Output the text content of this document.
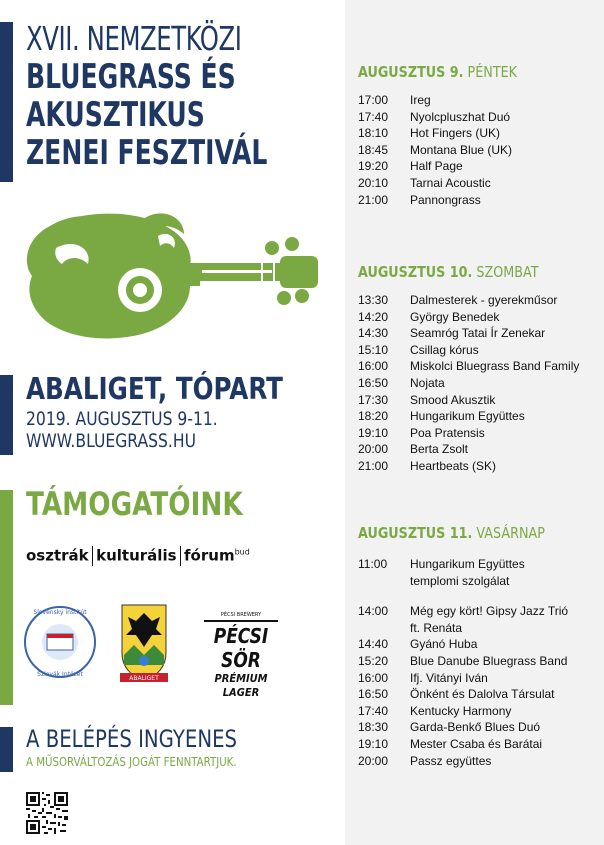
XVII. NEMZETKÖZI
BLUEGRASS ÉS
AKUSZTIKUS
ZENEI FESZTIVÁL
ABALIGET, TÓPART
2019. AUGUSZTUS 9-11.
WWW.BLUEGRASS.HU
TÁMOGATÓINK
osztrák kulturális fórum$^{bud}$
Slovenský inštitút
Szlovák Intézet
ABALIGET
PÉCSI BREWERY
PÉCSI SÖR
PRÉMIUM LAGER
A BELÉPÉS INGYENES
A MŰSORVÁLTOZÁS JOGÁT FENNTARTJUK.
AUGUSZTUS 9. PÉNTEK
17:00	Ireg
17:40	Nyolcpluszhat Duó
18:10	Hot Fingers (UK)
18:45	Montana Blue (UK)
19:20	Half Page
20:10	Tarnai Acoustic
21:00	Pannongrass
AUGUSZTUS 10. SZOMBAT
13:30	Dalmesterek - gyerekműsor
14:20	György Benedek
14:30	Seamróg Tatai Ír Zenekar
15:10	Csillag kórus
16:00	Miskolci Bluegrass Band Family
16:50	Nojata
17:30	Smood Akusztik
18:20	Hungarikum Együttes
19:10	Poa Pratensis
20:00	Berta Zsolt
21:00	Heartbeats (SK)
AUGUSZTUS 11. VASÁRNAP
11:00	Hungarikum Együttes
templomi szolgálat
14:00	Még egy kört! Gipsy Jazz Trió
ft. Renáta
14:40	Gyánó Huba
15:20	Blue Danube Bluegrass Band
16:00	Ifj. Vitányi Iván
16:50	Önként és Dalolva Társulat
17:40	Kentucky Harmony
18:30	Garda-Benkő Blues Duó
19:10	Mester Csaba és Barátai
20:00	Passz együttes
